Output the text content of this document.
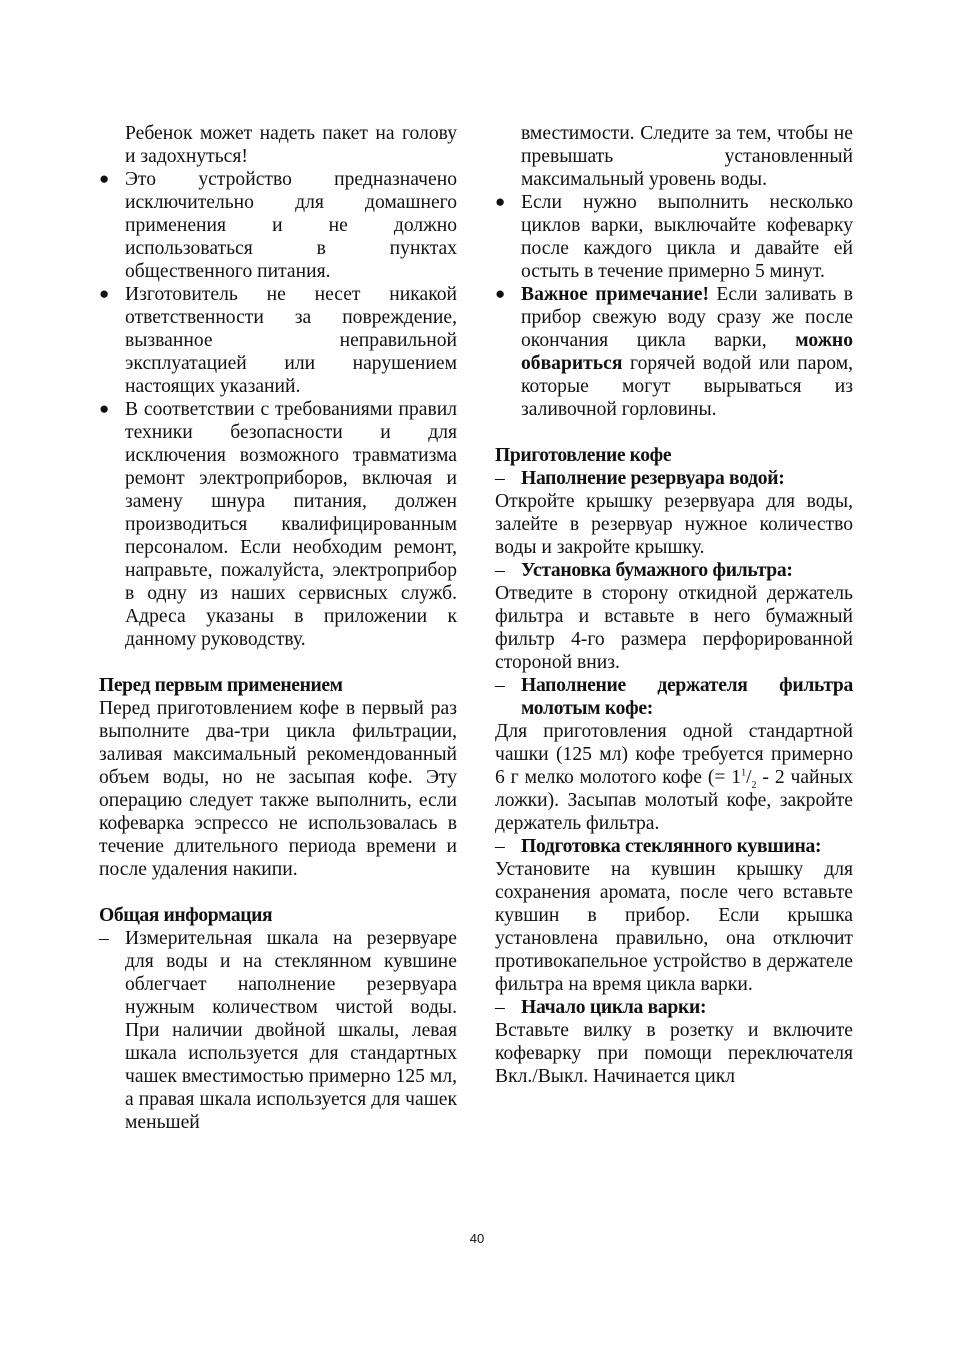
Ребенок может надеть пакет на голову и задохнуться!

● Это устройство предназначено исключительно для домашнего применения и не должно использоваться в пунктах общественного питания.

● Изготовитель не несет никакой ответственности за повреждение, вызванное неправильной эксплуатацией или нарушением настоящих указаний.

● В соответствии с требованиями правил техники безопасности и для исключения возможного травматизма ремонт электроприборов, включая и замену шнура питания, должен производиться квалифицированным персоналом. Если необходим ремонт, направьте, пожалуйста, электроприбор в одну из наших сервисных служб. Адреса указаны в приложении к данному руководству.

Перед первым применением

Перед приготовлением кофе в первый раз выполните два-три цикла фильтрации, заливая максимальный рекомендованный объем воды, но не засыпая кофе. Эту операцию следует также выполнить, если кофеварка эспрессо не использовалась в течение длительного периода времени и после удаления накипи.

Общая информация

– Измерительная шкала на резервуаре для воды и на стеклянном кувшине облегчает наполнение резервуара нужным количеством чистой воды. При наличии двойной шкалы, левая шкала используется для стандартных чашек вместимостью примерно 125 мл, а правая шкала используется для чашек меньшей

вместимости. Следите за тем, чтобы не превышать установленный максимальный уровень воды.

● Если нужно выполнить несколько циклов варки, выключайте кофеварку после каждого цикла и давайте ей остыть в течение примерно 5 минут.

● Важное примечание! Если заливать в прибор свежую воду сразу же после окончания цикла варки, можно обвариться горячей водой или паром, которые могут вырываться из заливочной горловины.

Приготовление кофе

– Наполнение резервуара водой:

Откройте крышку резервуара для воды, залейте в резервуар нужное количество воды и закройте крышку.

– Установка бумажного фильтра:

Отведите в сторону откидной держатель фильтра и вставьте в него бумажный фильтр 4-го размера перфорированной стороной вниз.

– Наполнение держателя фильтра молотым кофе:

Для приготовления одной стандартной чашки (125 мл) кофе требуется примерно 6 г мелко молотого кофе (= $1^1/_2 - 2$ чайных ложки). Засыпав молотый кофе, закройте держатель фильтра.

– Подготовка стеклянного кувшина:

Установите на кувшин крышку для сохранения аромата, после чего вставьте кувшин в прибор. Если крышка установлена правильно, она отключит противокапельное устройство в держателе фильтра на время цикла варки.

– Начало цикла варки:

Вставьте вилку в розетку и включите кофеварку при помощи переключателя Вкл./Выкл. Начинается цикл

40
